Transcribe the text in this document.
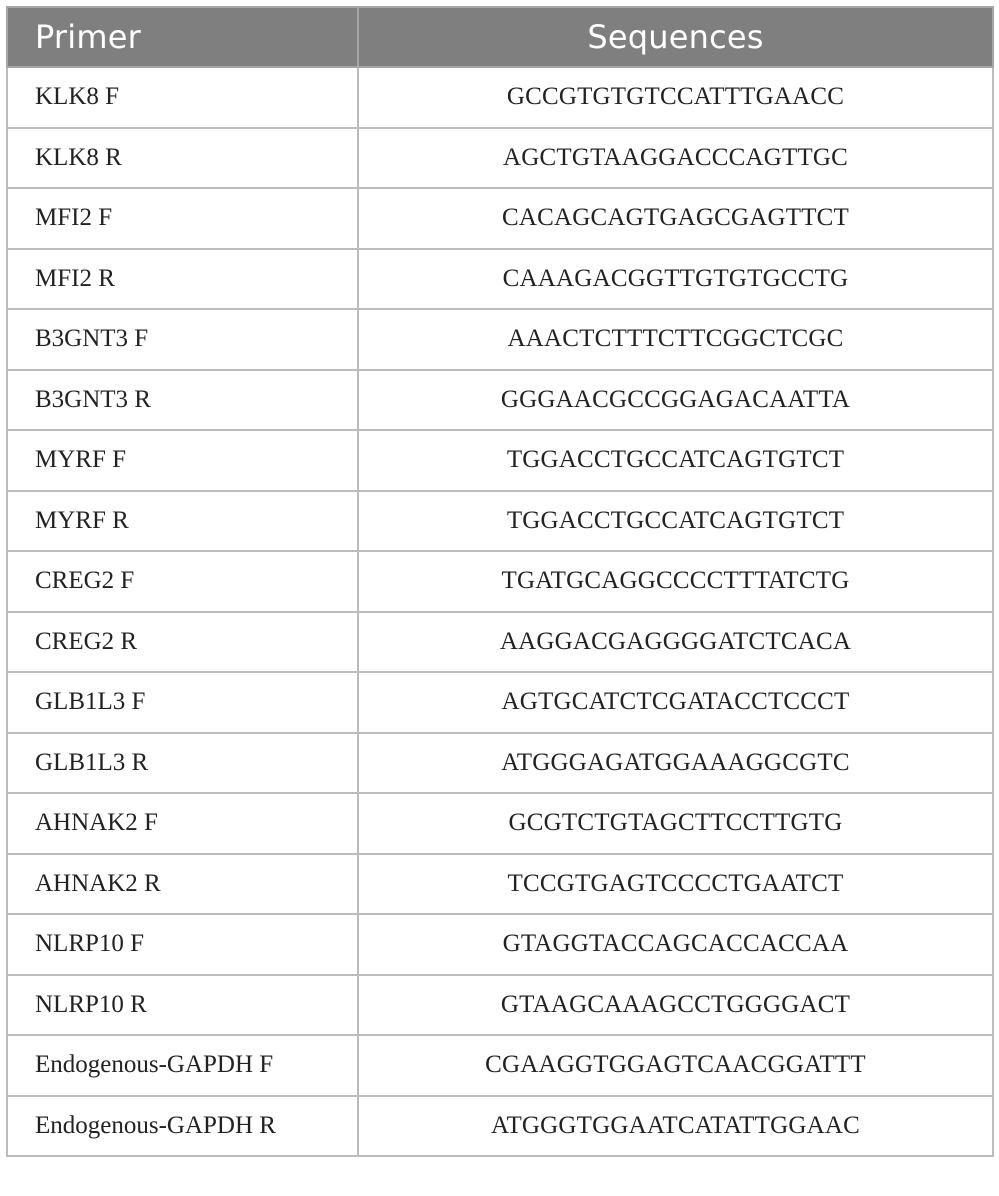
Primer	Sequences
KLK8 F	GCCGTGTGTCCATTTGAACC
KLK8 R	AGCTGTAAGGACCCAGTTGC
MFI2 F	CACAGCAGTGAGCGAGTTCT
MFI2 R	CAAAGACGGTTGTGTGCCTG
B3GNT3 F	AAACTCTTTCTTCGGCTCGC
B3GNT3 R	GGGAACGCCGGAGACAATTA
MYRF F	TGGACCTGCCATCAGTGTCT
MYRF R	TGGACCTGCCATCAGTGTCT
CREG2 F	TGATGCAGGCCCCTTTATCTG
CREG2 R	AAGGACGAGGGGATCTCACA
GLB1L3 F	AGTGCATCTCGATACCTCCCT
GLB1L3 R	ATGGGAGATGGAAAGGCGTC
AHNAK2 F	GCGTCTGTAGCTTCCTTGTG
AHNAK2 R	TCCGTGAGTCCCCTGAATCT
NLRP10 F	GTAGGTACCAGCACCACCAA
NLRP10 R	GTAAGCAAAGCCTGGGGACT
Endogenous-GAPDH F	CGAAGGTGGAGTCAACGGATTT
Endogenous-GAPDH R	ATGGGTGGAATCATATTGGAAC
